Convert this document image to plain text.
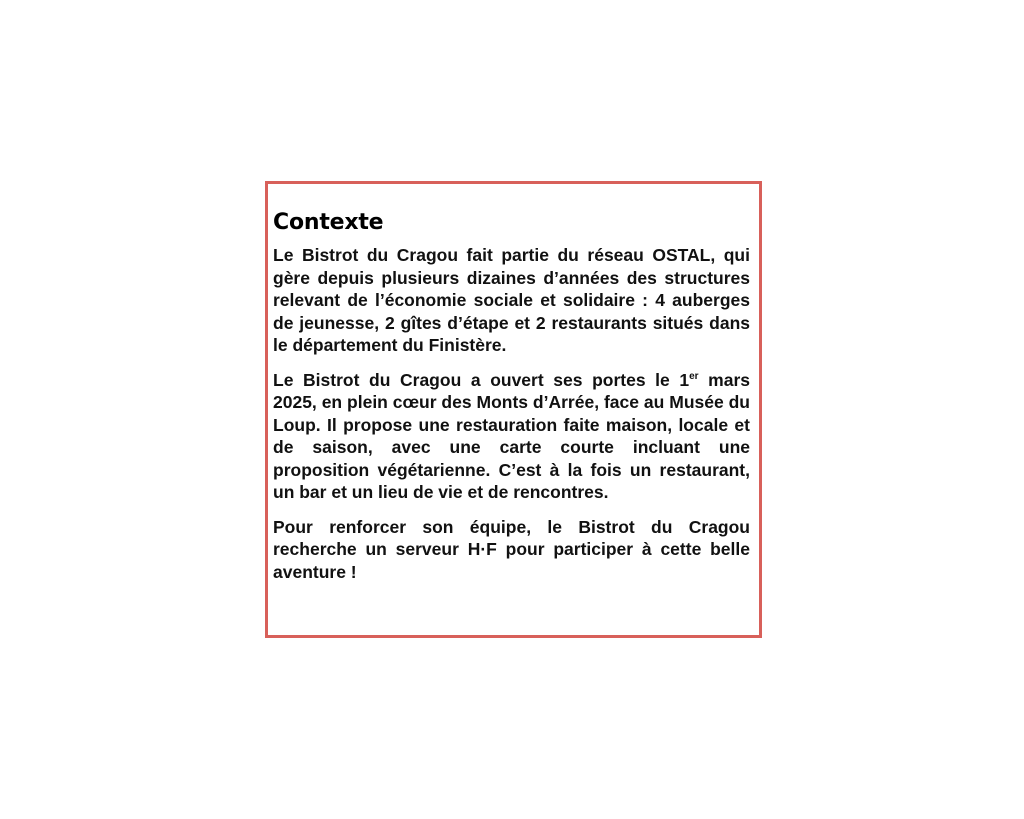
Contexte

Le Bistrot du Cragou fait partie du réseau OSTAL, qui gère depuis plusieurs dizaines d’années des structures relevant de l’économie sociale et solidaire : 4 auberges de jeunesse, 2 gîtes d’étape et 2 restaurants situés dans le département du Finistère.

Le Bistrot du Cragou a ouvert ses portes le 1er mars 2025, en plein cœur des Monts d’Arrée, face au Musée du Loup. Il propose une restauration faite maison, locale et de saison, avec une carte courte incluant une proposition végétarienne. C’est à la fois un restaurant, un bar et un lieu de vie et de rencontres.

Pour renforcer son équipe, le Bistrot du Cragou recherche un serveur H·F pour participer à cette belle aventure !
